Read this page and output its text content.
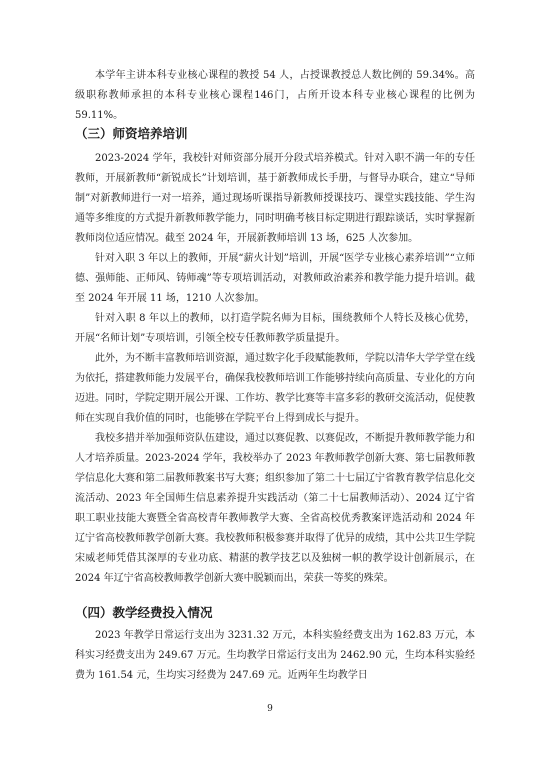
本学年主讲本科专业核心课程的教授 54 人，占授课教授总人数比例的 59.34%。高级职称教师承担的本科专业核心课程146门，占所开设本科专业核心课程的比例为59.11%。

（三）师资培养培训

2023-2024 学年，我校针对师资部分展开分段式培养模式。针对入职不满一年的专任教师，开展新教师“新锐成长”计划培训，基于新教师成长手册，与督导办联合，建立“导师制”对新教师进行一对一培养，通过现场听课指导新教师授课技巧、课堂实践技能、学生沟通等多维度的方式提升新教师教学能力，同时明确考核目标定期进行跟踪谈话，实时掌握新教师岗位适应情况。截至 2024 年，开展新教师培训 13 场，625 人次参加。

针对入职 3 年以上的教师，开展“薪火计划”培训，开展“医学专业核心素养培训”“立师德、强师能、正师风、铸师魂”等专项培训活动，对教师政治素养和教学能力提升培训。截至 2024 年开展 11 场，1210 人次参加。

针对入职 8 年以上的教师，以打造学院名师为目标，围绕教师个人特长及核心优势，开展“名师计划”专项培训，引领全校专任教师教学质量提升。

此外，为不断丰富教师培训资源，通过数字化手段赋能教师，学院以清华大学学堂在线为依托，搭建教师能力发展平台，确保我校教师培训工作能够持续向高质量、专业化的方向迈进。同时，学院定期开展公开课、工作坊、教学比赛等丰富多彩的教研交流活动，促使教师在实现自我价值的同时，也能够在学院平台上得到成长与提升。

我校多措并举加强师资队伍建设，通过以赛促教、以赛促改，不断提升教师教学能力和人才培养质量。2023-2024 学年，我校举办了 2023 年教师教学创新大赛、第七届教师教学信息化大赛和第二届教师教案书写大赛；组织参加了第二十七届辽宁省教育教学信息化交流活动、2023 年全国师生信息素养提升实践活动（第二十七届教师活动）、2024 辽宁省职工职业技能大赛暨全省高校青年教师教学大赛、全省高校优秀教案评选活动和 2024 年辽宁省高校教师教学创新大赛。我校教师积极参赛并取得了优异的成绩，其中公共卫生学院宋威老师凭借其深厚的专业功底、精湛的教学技艺以及独树一帜的教学设计创新展示，在 2024 年辽宁省高校教师教学创新大赛中脱颖而出，荣获一等奖的殊荣。

（四）教学经费投入情况

2023 年教学日常运行支出为 3231.32 万元，本科实验经费支出为 162.83 万元，本科实习经费支出为 249.67 万元。生均教学日常运行支出为 2462.90 元，生均本科实验经费为 161.54 元，生均实习经费为 247.69 元。近两年生均教学日

9
